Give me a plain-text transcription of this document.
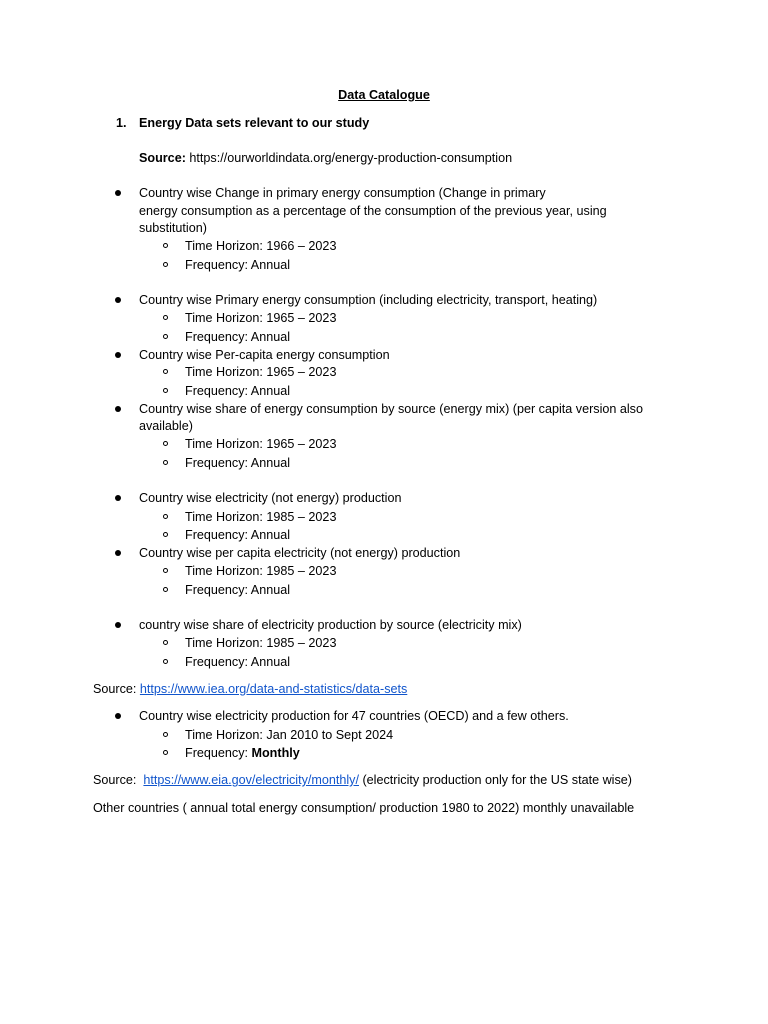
Data Catalogue
1. Energy Data sets relevant to our study
Source: https://ourworldindata.org/energy-production-consumption
Country wise Change in primary energy consumption (Change in primary
energy consumption as a percentage of the consumption of the previous year, using
substitution)
Time Horizon: 1966 – 2023
Frequency: Annual
Country wise Primary energy consumption (including electricity, transport, heating)
Time Horizon: 1965 – 2023
Frequency: Annual
Country wise Per-capita energy consumption
Time Horizon: 1965 – 2023
Frequency: Annual
Country wise share of energy consumption by source (energy mix) (per capita version also
available)
Time Horizon: 1965 – 2023
Frequency: Annual
Country wise electricity (not energy) production
Time Horizon: 1985 – 2023
Frequency: Annual
Country wise per capita electricity (not energy) production
Time Horizon: 1985 – 2023
Frequency: Annual
country wise share of electricity production by source (electricity mix)
Time Horizon: 1985 – 2023
Frequency: Annual
Source: https://www.iea.org/data-and-statistics/data-sets
Country wise electricity production for 47 countries (OECD) and a few others.
Time Horizon: Jan 2010 to Sept 2024
Frequency: Monthly
Source: https://www.eia.gov/electricity/monthly/ (electricity production only for the US state wise)
Other countries ( annual total energy consumption/ production 1980 to 2022) monthly unavailable
